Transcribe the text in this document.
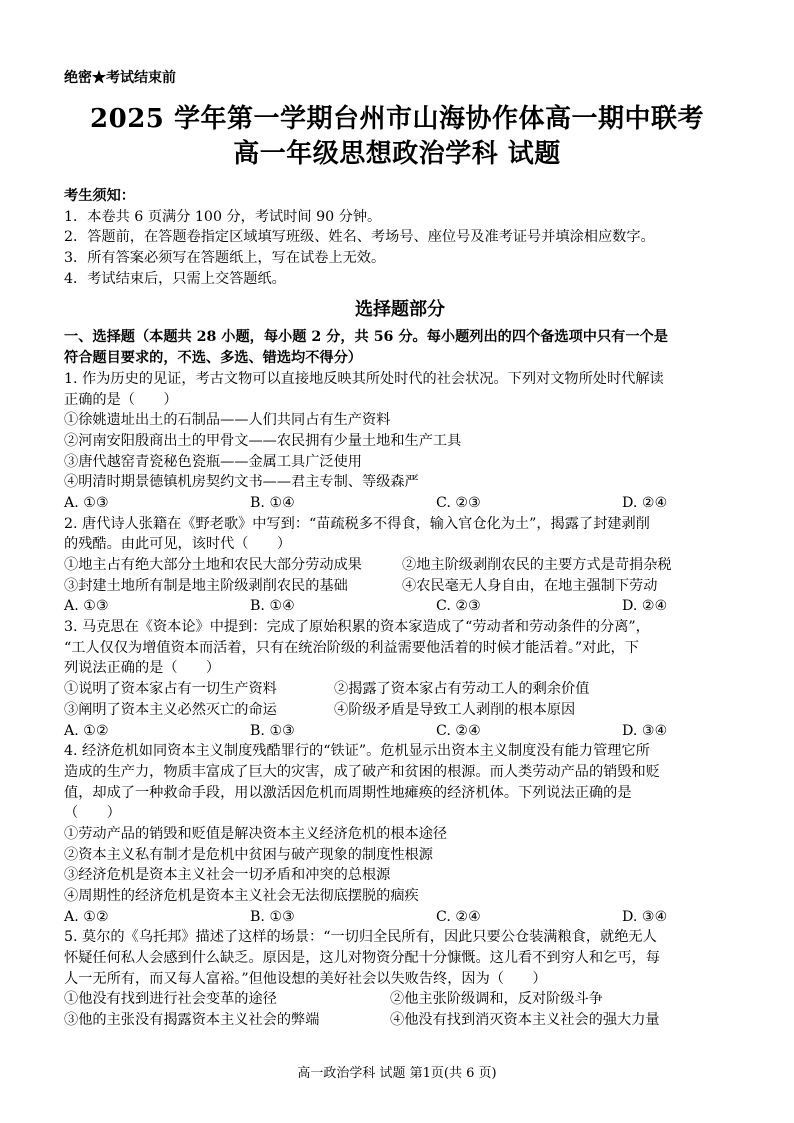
绝密★考试结束前
2025 学年第一学期台州市山海协作体高一期中联考
高一年级思想政治学科 试题
考生须知：
1．本卷共 6 页满分 100 分，考试时间 90 分钟。
2．答题前，在答题卷指定区域填写班级、姓名、考场号、座位号及准考证号并填涂相应数字。
3．所有答案必须写在答题纸上，写在试卷上无效。
4．考试结束后，只需上交答题纸。
选择题部分
一、选择题（本题共 28 小题，每小题 2 分，共 56 分。每小题列出的四个备选项中只有一个是
符合题目要求的，不选、多选、错选均不得分）
1. 作为历史的见证，考古文物可以直接地反映其所处时代的社会状况。下列对文物所处时代解读
正确的是（　　）
①徐姚遗址出土的石制品——人们共同占有生产资料
②河南安阳殷商出土的甲骨文——农民拥有少量土地和生产工具
③唐代越窑青瓷秘色瓷瓶——金属工具广泛使用
④明清时期景德镇机房契约文书——君主专制、等级森严
A. ①③	B. ①④	C. ②③	D. ②④
2. 唐代诗人张籍在《野老歌》中写到：“苗疏税多不得食，输入官仓化为土”，揭露了封建剥削
的残酷。由此可见，该时代（　　）
①地主占有绝大部分土地和农民大部分劳动成果	②地主阶级剥削农民的主要方式是苛捐杂税
③封建土地所有制是地主阶级剥削农民的基础	④农民毫无人身自由，在地主强制下劳动
A. ①③	B. ①④	C. ②③	D. ②④
3. 马克思在《资本论》中提到：完成了原始积累的资本家造成了“劳动者和劳动条件的分离”，
“工人仅仅为增值资本而活着，只有在统治阶级的利益需要他活着的时候才能活着。”对此，下
列说法正确的是（　　）
①说明了资本家占有一切生产资料	②揭露了资本家占有劳动工人的剩余价值
③阐明了资本主义必然灭亡的命运	④阶级矛盾是导致工人剥削的根本原因
A. ①②	B. ①③	C. ②④	D. ③④
4. 经济危机如同资本主义制度残酷罪行的“铁证”。危机显示出资本主义制度没有能力管理它所
造成的生产力，物质丰富成了巨大的灾害，成了破产和贫困的根源。而人类劳动产品的销毁和贬
值，却成了一种救命手段，用以激活因危机而周期性地瘫痪的经济机体。下列说法正确的是
（　　）
①劳动产品的销毁和贬值是解决资本主义经济危机的根本途径
②资本主义私有制才是危机中贫困与破产现象的制度性根源
③经济危机是资本主义社会一切矛盾和冲突的总根源
④周期性的经济危机是资本主义社会无法彻底摆脱的痼疾
A. ①②	B. ①③	C. ②④	D. ③④
5. 莫尔的《乌托邦》描述了这样的场景：“一切归全民所有，因此只要公仓装满粮食，就绝无人
怀疑任何私人会感到什么缺乏。原因是，这儿对物资分配十分慷慨。这儿看不到穷人和乞丐，每
人一无所有，而又每人富裕。”但他设想的美好社会以失败告终，因为（　　）
①他没有找到进行社会变革的途径	②他主张阶级调和，反对阶级斗争
③他的主张没有揭露资本主义社会的弊端	④他没有找到消灭资本主义社会的强大力量
高一政治学科 试题 第1页(共 6 页)
